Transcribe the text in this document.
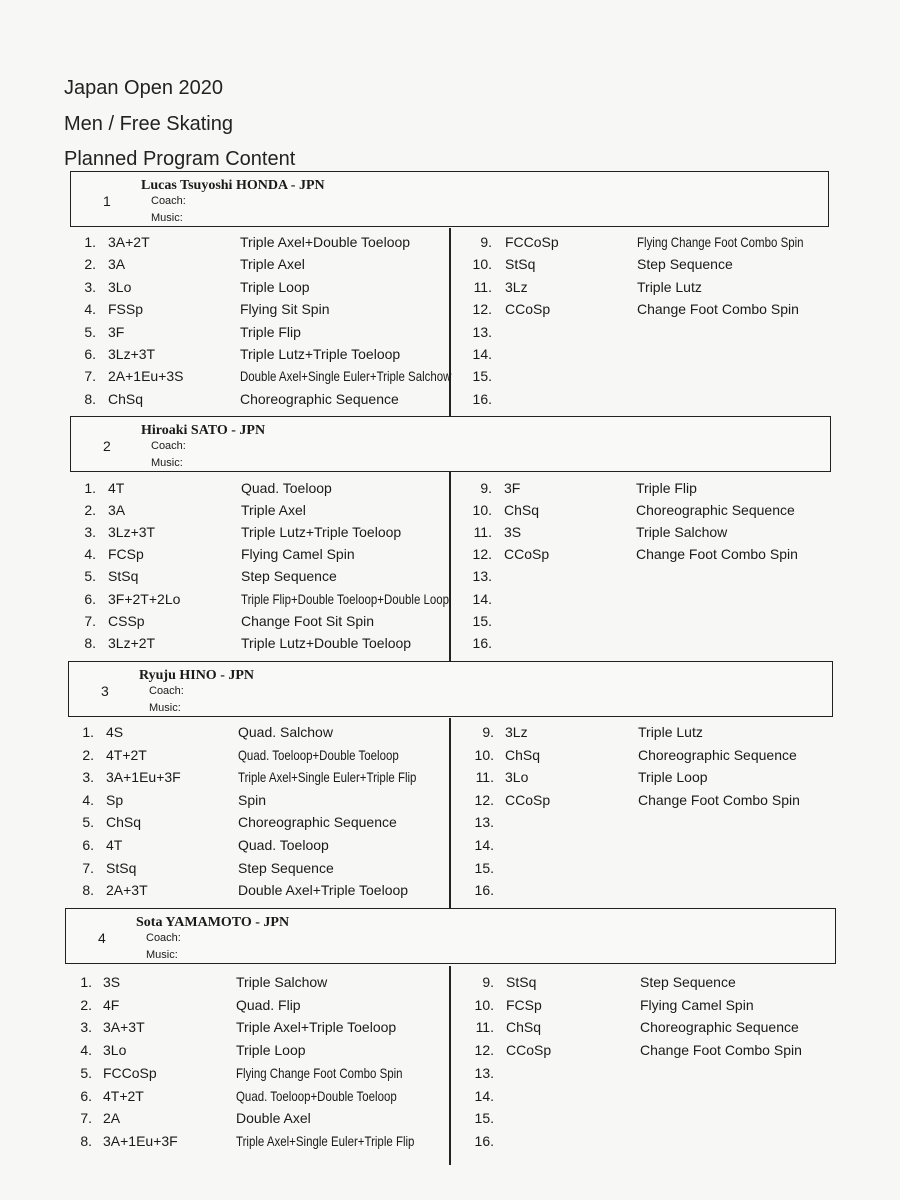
Japan Open 2020
Men / Free Skating
Planned Program Content
1
Lucas Tsuyoshi HONDA - JPN
Coach:
Music:
1. 3A+2T	Triple Axel+Double Toeloop
2. 3A	Triple Axel
3. 3Lo	Triple Loop
4. FSSp	Flying Sit Spin
5. 3F	Triple Flip
6. 3Lz+3T	Triple Lutz+Triple Toeloop
7. 2A+1Eu+3S	Double Axel+Single Euler+Triple Salchow
8. ChSq	Choreographic Sequence
9. FCCoSp	Flying Change Foot Combo Spin
10. StSq	Step Sequence
11. 3Lz	Triple Lutz
12. CCoSp	Change Foot Combo Spin
13.
14.
15.
16.
2
Hiroaki SATO - JPN
Coach:
Music:
1. 4T	Quad. Toeloop
2. 3A	Triple Axel
3. 3Lz+3T	Triple Lutz+Triple Toeloop
4. FCSp	Flying Camel Spin
5. StSq	Step Sequence
6. 3F+2T+2Lo	Triple Flip+Double Toeloop+Double Loop
7. CSSp	Change Foot Sit Spin
8. 3Lz+2T	Triple Lutz+Double Toeloop
9. 3F	Triple Flip
10. ChSq	Choreographic Sequence
11. 3S	Triple Salchow
12. CCoSp	Change Foot Combo Spin
13.
14.
15.
16.
3
Ryuju HINO - JPN
Coach:
Music:
1. 4S	Quad. Salchow
2. 4T+2T	Quad. Toeloop+Double Toeloop
3. 3A+1Eu+3F	Triple Axel+Single Euler+Triple Flip
4. Sp	Spin
5. ChSq	Choreographic Sequence
6. 4T	Quad. Toeloop
7. StSq	Step Sequence
8. 2A+3T	Double Axel+Triple Toeloop
9. 3Lz	Triple Lutz
10. ChSq	Choreographic Sequence
11. 3Lo	Triple Loop
12. CCoSp	Change Foot Combo Spin
13.
14.
15.
16.
4
Sota YAMAMOTO - JPN
Coach:
Music:
1. 3S	Triple Salchow
2. 4F	Quad. Flip
3. 3A+3T	Triple Axel+Triple Toeloop
4. 3Lo	Triple Loop
5. FCCoSp	Flying Change Foot Combo Spin
6. 4T+2T	Quad. Toeloop+Double Toeloop
7. 2A	Double Axel
8. 3A+1Eu+3F	Triple Axel+Single Euler+Triple Flip
9. StSq	Step Sequence
10. FCSp	Flying Camel Spin
11. ChSq	Choreographic Sequence
12. CCoSp	Change Foot Combo Spin
13.
14.
15.
16.
